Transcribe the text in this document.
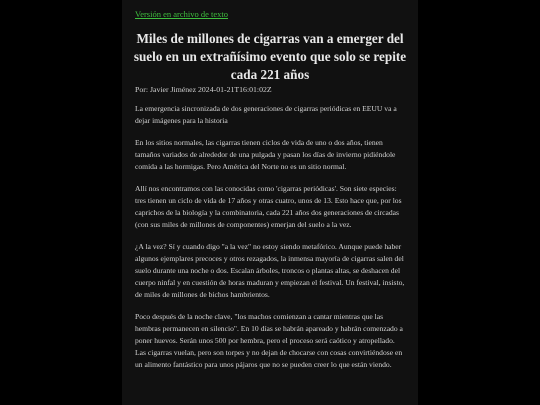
Versión en archivo de texto
Miles de millones de cigarras van a emerger del suelo en un extrañísimo evento que solo se repite cada 221 años
Por: Javier Jiménez 2024-01-21T16:01:02Z

La emergencia sincronizada de dos generaciones de cigarras periódicas en EEUU va a dejar imágenes para la historia

En los sitios normales, las cigarras tienen ciclos de vida de uno o dos años, tienen tamaños variados de alrededor de una pulgada y pasan los días de invierno pidiéndole comida a las hormigas. Pero América del Norte no es un sitio normal.

Allí nos encontramos con las conocidas como 'cigarras periódicas'. Son siete especies: tres tienen un ciclo de vida de 17 años y otras cuatro, unos de 13. Esto hace que, por los caprichos de la biología y la combinatoria, cada 221 años dos generaciones de circadas (con sus miles de millones de componentes) emerjan del suelo a la vez.

¿A la vez? Sí y cuando digo "a la vez" no estoy siendo metafórico. Aunque puede haber algunos ejemplares precoces y otros rezagados, la inmensa mayoría de cigarras salen del suelo durante una noche o dos. Escalan árboles, troncos o plantas altas, se deshacen del cuerpo ninfal y en cuestión de horas maduran y empiezan el festival. Un festival, insisto, de miles de millones de bichos hambrientos.

Poco después de la noche clave, "los machos comienzan a cantar mientras que las hembras permanecen en silencio". En 10 días se habrán apareado y habrán comenzado a poner huevos. Serán unos 500 por hembra, pero el proceso será caótico y atropellado. Las cigarras vuelan, pero son torpes y no dejan de chocarse con cosas convirtiéndose en un alimento fantástico para unos pájaros que no se pueden creer lo que están viendo.
